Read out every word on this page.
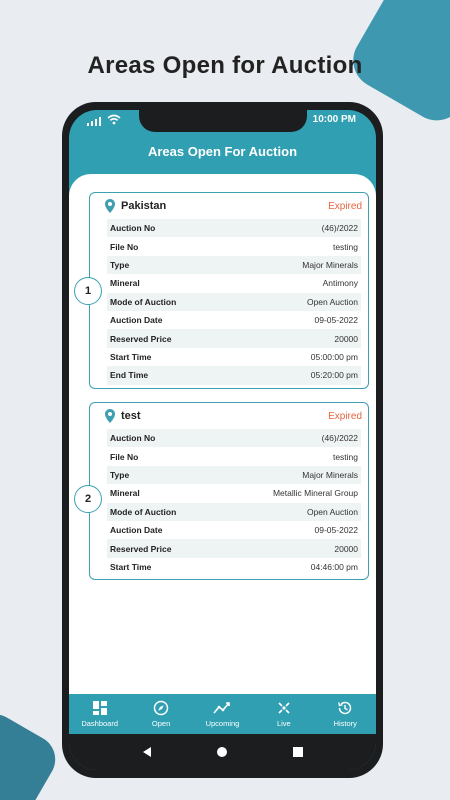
Areas Open for Auction
10:00 PM
Areas Open For Auction
1
Pakistan	Expired
Auction No	(46)/2022
File No	testing
Type	Major Minerals
Mineral	Antimony
Mode of Auction	Open Auction
Auction Date	09-05-2022
Reserved Price	20000
Start Time	05:00:00 pm
End Time	05:20:00 pm
2
test	Expired
Auction No	(46)/2022
File No	testing
Type	Major Minerals
Mineral	Metallic Mineral Group
Mode of Auction	Open Auction
Auction Date	09-05-2022
Reserved Price	20000
Start Time	04:46:00 pm
Dashboard	Open	Upcoming	Live	History
